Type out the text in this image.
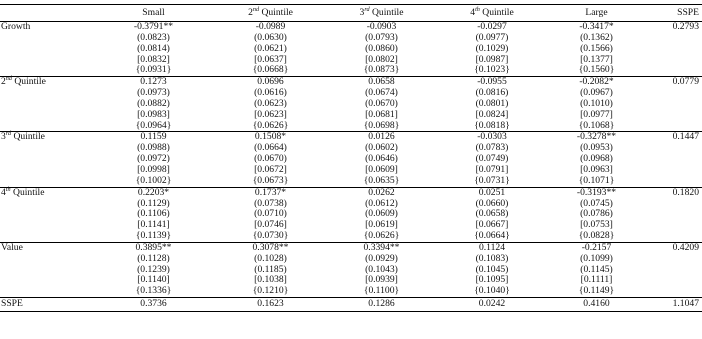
	Small	2nd Quintile	3rd Quintile	4th Quintile	Large	SSPE
Growth	-0.3791**	-0.0989	-0.0903	-0.0297	-0.3417*	0.2793
	(0.0823)	(0.0630)	(0.0793)	(0.0977)	(0.1362)	
	(0.0814)	(0.0621)	(0.0860)	(0.1029)	(0.1566)	
	[0.0832]	[0.0637]	[0.0802]	[0.0987]	[0.1377]	
	{0.0931}	{0.0668}	{0.0873}	{0.1023}	{0.1560}	
2nd Quintile	0.1273	0.0696	0.0658	-0.0955	-0.2082*	0.0779
	(0.0973)	(0.0616)	(0.0674)	(0.0816)	(0.0967)	
	(0.0882)	(0.0623)	(0.0670)	(0.0801)	(0.1010)	
	[0.0983]	[0.0623]	[0.0681]	[0.0824]	[0.0977]	
	{0.0964}	{0.0626}	{0.0698}	{0.0818}	{0.1068}	
3rd Quintile	0.1159	0.1508*	0.0126	-0.0303	-0.3278**	0.1447
	(0.0988)	(0.0664)	(0.0602)	(0.0783)	(0.0953)	
	(0.0972)	(0.0670)	(0.0646)	(0.0749)	(0.0968)	
	[0.0998]	[0.0672]	[0.0609]	[0.0791]	[0.0963]	
	{0.1002}	{0.0673}	{0.0635}	{0.0731}	{0.1071}	
4th Quintile	0.2203*	0.1737*	0.0262	0.0251	-0.3193**	0.1820
	(0.1129)	(0.0738)	(0.0612)	(0.0660)	(0.0745)	
	(0.1106)	(0.0710)	(0.0609)	(0.0658)	(0.0786)	
	[0.1141]	[0.0746]	[0.0619]	[0.0667]	[0.0753]	
	{0.1139}	{0.0730}	{0.0626}	{0.0664}	{0.0828}	
Value	0.3895**	0.3078**	0.3394**	0.1124	-0.2157	0.4209
	(0.1128)	(0.1028)	(0.0929)	(0.1083)	(0.1099)	
	(0.1239)	(0.1185)	(0.1043)	(0.1045)	(0.1145)	
	[0.1140]	[0.1038]	[0.0939]	[0.1095]	[0.1111]	
	{0.1336}	{0.1210}	{0.1100}	{0.1040}	{0.1149}	
SSPE	0.3736	0.1623	0.1286	0.0242	0.4160	1.1047
